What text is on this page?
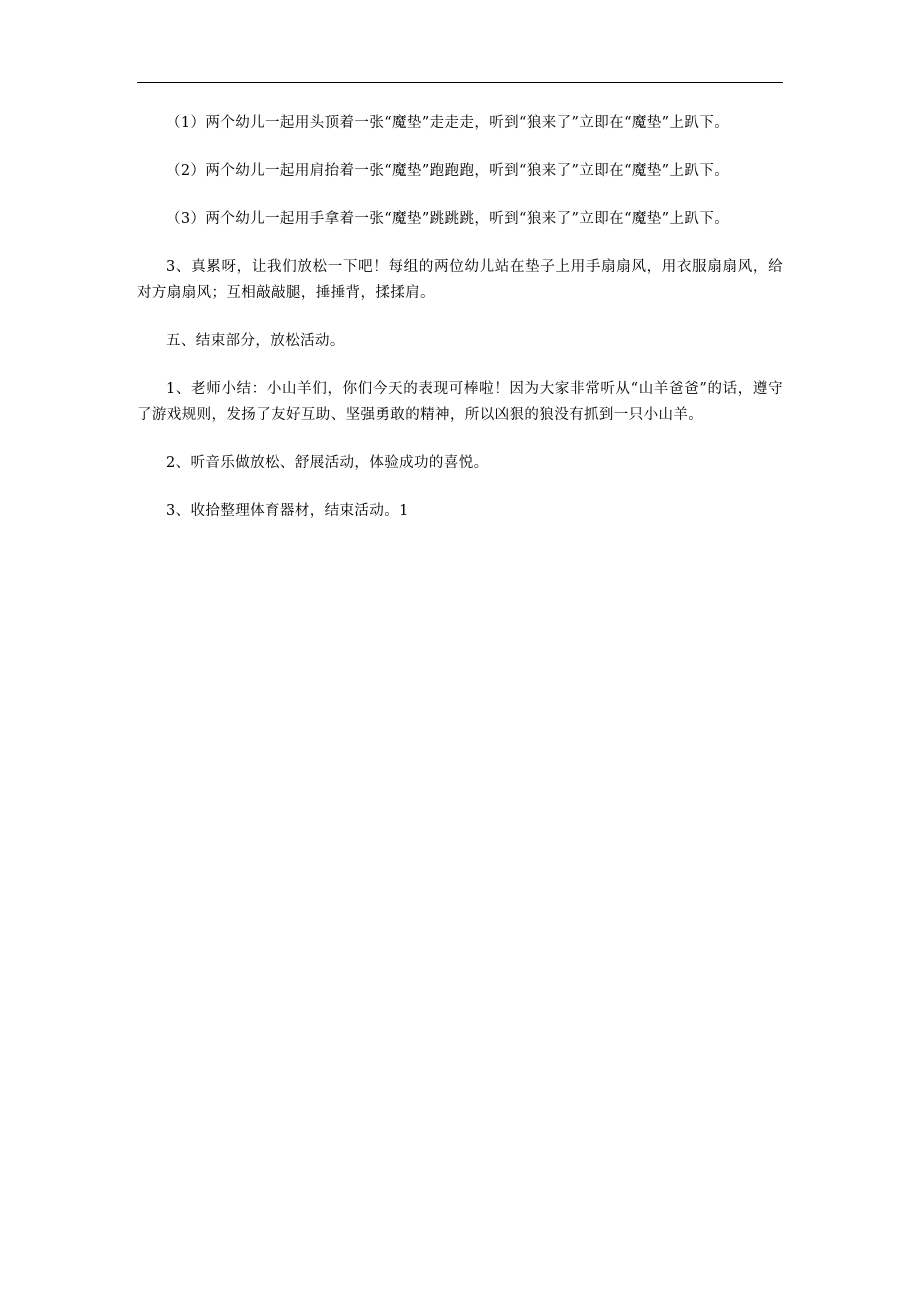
（1）两个幼儿一起用头顶着一张“魔垫”走走走，听到“狼来了”立即在“魔垫”上趴下。

（2）两个幼儿一起用肩抬着一张“魔垫”跑跑跑，听到“狼来了”立即在“魔垫”上趴下。

（3）两个幼儿一起用手拿着一张“魔垫”跳跳跳，听到“狼来了”立即在“魔垫”上趴下。

3、真累呀，让我们放松一下吧！每组的两位幼儿站在垫子上用手扇扇风，用衣服扇扇风，给对方扇扇风；互相敲敲腿，捶捶背，揉揉肩。

五、结束部分，放松活动。

1、老师小结：小山羊们，你们今天的表现可棒啦！因为大家非常听从“山羊爸爸”的话，遵守了游戏规则，发扬了友好互助、坚强勇敢的精神，所以凶狠的狼没有抓到一只小山羊。

2、听音乐做放松、舒展活动，体验成功的喜悦。

3、收拾整理体育器材，结束活动。1
